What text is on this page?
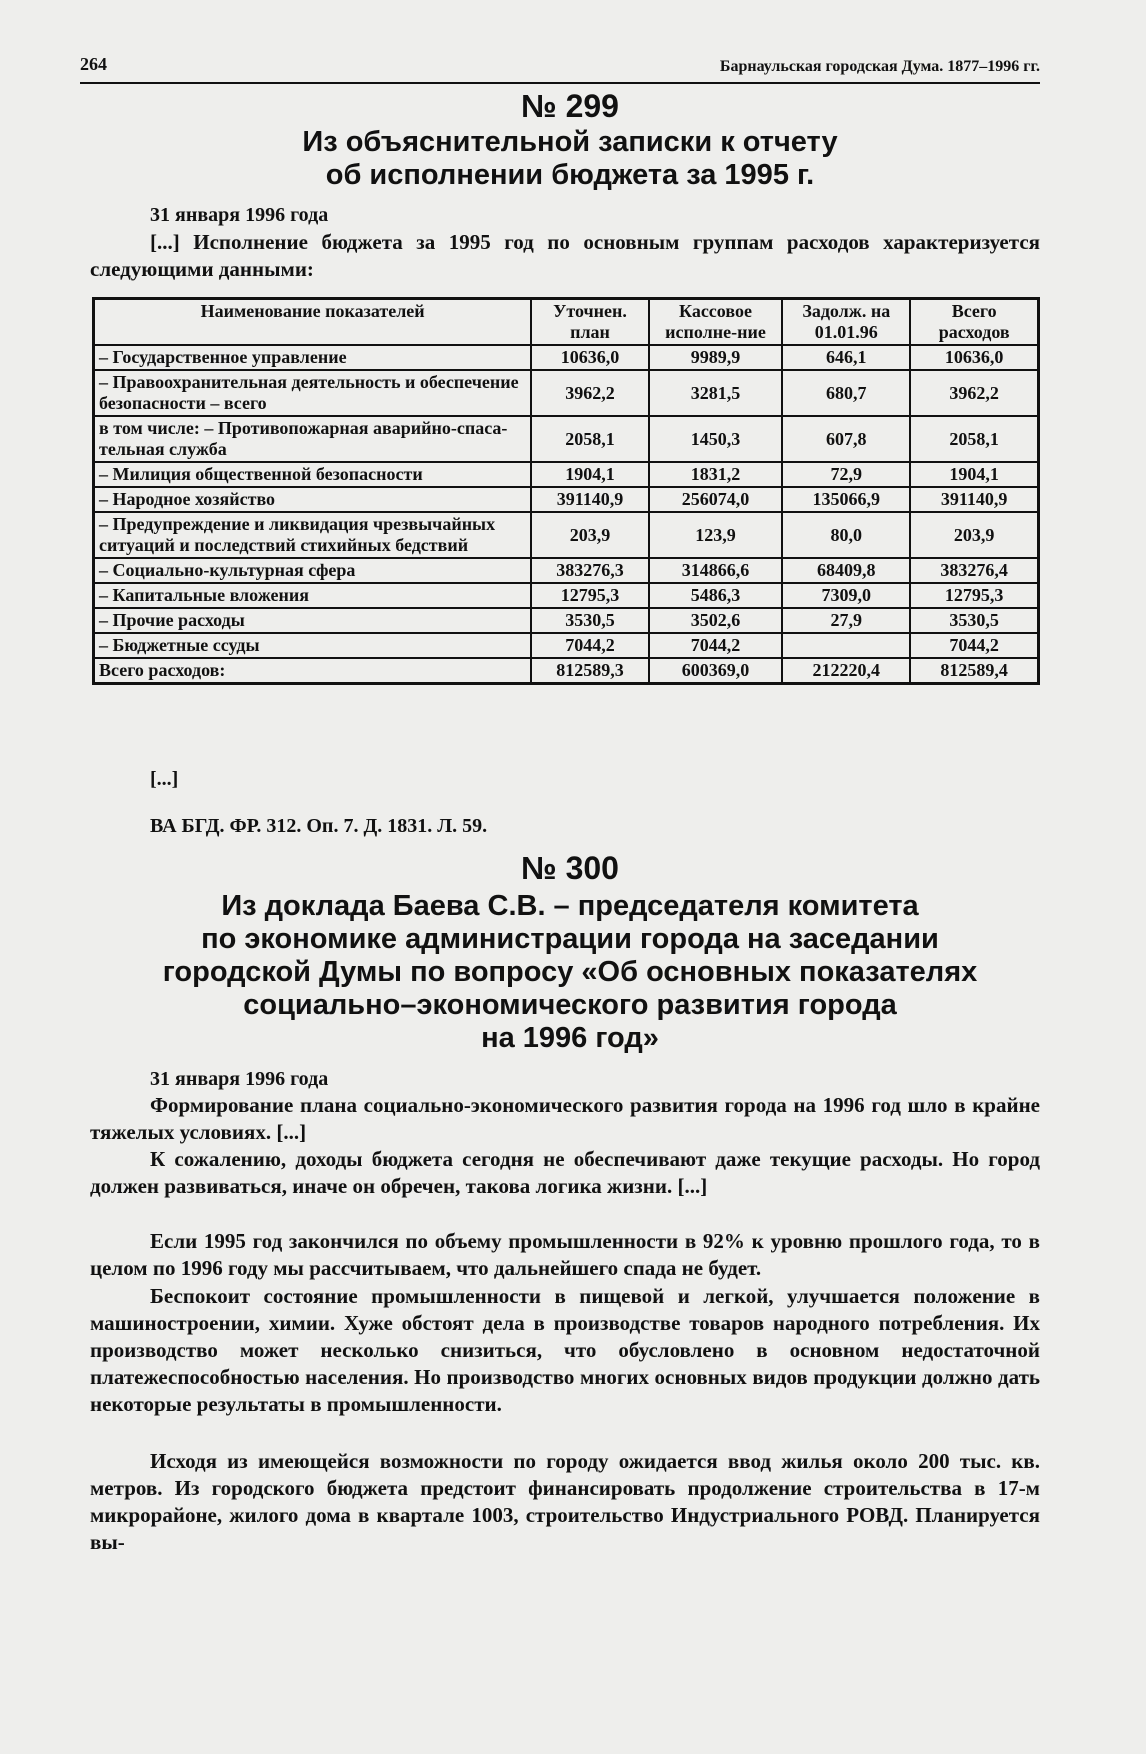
264	Барнаульская городская Дума. 1877–1996 гг.
№ 299
Из объяснительной записки к отчету
об исполнении бюджета за 1995 г.
31 января 1996 года
[...] Исполнение бюджета за 1995 год по основным группам расходов характеризуется следующими данными:
Наименование показателей	Уточнен. план	Кассовое исполне-ние	Задолж. на 01.01.96	Всего расходов
– Государственное управление	10636,0	9989,9	646,1	10636,0
– Правоохранительная деятельность и обеспечение безопасности – всего	3962,2	3281,5	680,7	3962,2
в том числе: – Противопожарная аварийно-спаса-тельная служба	2058,1	1450,3	607,8	2058,1
– Милиция общественной безопасности	1904,1	1831,2	72,9	1904,1
– Народное хозяйство	391140,9	256074,0	135066,9	391140,9
– Предупреждение и ликвидация чрезвычайных ситуаций и последствий стихийных бедствий	203,9	123,9	80,0	203,9
– Социально-культурная сфера	383276,3	314866,6	68409,8	383276,4
– Капитальные вложения	12795,3	5486,3	7309,0	12795,3
– Прочие расходы	3530,5	3502,6	27,9	3530,5
– Бюджетные ссуды	7044,2	7044,2		7044,2
Всего расходов:	812589,3	600369,0	212220,4	812589,4
[...]
ВА БГД. ФР. 312. Оп. 7. Д. 1831. Л. 59.
№ 300
Из доклада Баева С.В. – председателя комитета
по экономике администрации города на заседании
городской Думы по вопросу «Об основных показателях
социально–экономического развития города
на 1996 год»
31 января 1996 года
Формирование плана социально-экономического развития города на 1996 год шло в крайне тяжелых условиях. [...]
К сожалению, доходы бюджета сегодня не обеспечивают даже текущие расходы. Но город должен развиваться, иначе он обречен, такова логика жизни. [...]
Если 1995 год закончился по объему промышленности в 92% к уровню прошлого года, то в целом по 1996 году мы рассчитываем, что дальнейшего спада не будет.
Беспокоит состояние промышленности в пищевой и легкой, улучшается положение в машиностроении, химии. Хуже обстоят дела в производстве товаров народного потребления. Их производство может несколько снизиться, что обусловлено в основном недостаточной платежеспособностью населения. Но производство многих основных видов продукции должно дать некоторые результаты в промышленности.
Исходя из имеющейся возможности по городу ожидается ввод жилья около 200 тыс. кв. метров. Из городского бюджета предстоит финансировать продолжение строительства в 17-м микрорайоне, жилого дома в квартале 1003, строительство Индустриального РОВД. Планируется вы-
